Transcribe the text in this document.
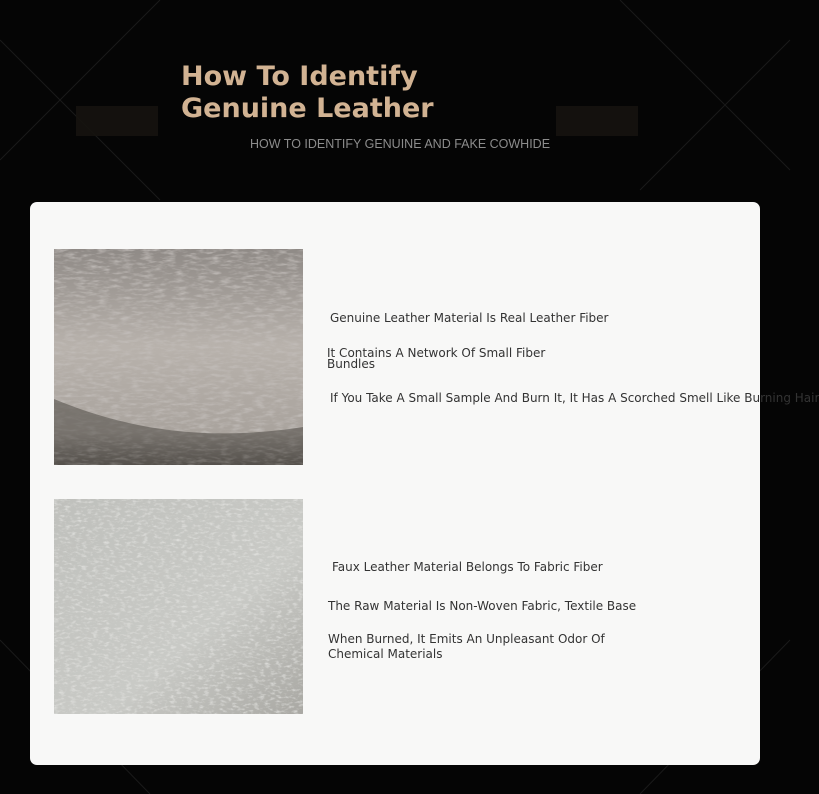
How To Identify Genuine Leather
HOW TO IDENTIFY GENUINE AND FAKE COWHIDE

Genuine Leather Material Is Real Leather Fiber

It Contains A Network Of Small Fiber Bundles

If You Take A Small Sample And Burn It, It Has A Scorched Smell Like Burning Hair

Faux Leather Material Belongs To Fabric Fiber

The Raw Material Is Non-Woven Fabric, Textile Base

When Burned, It Emits An Unpleasant Odor Of Chemical Materials
